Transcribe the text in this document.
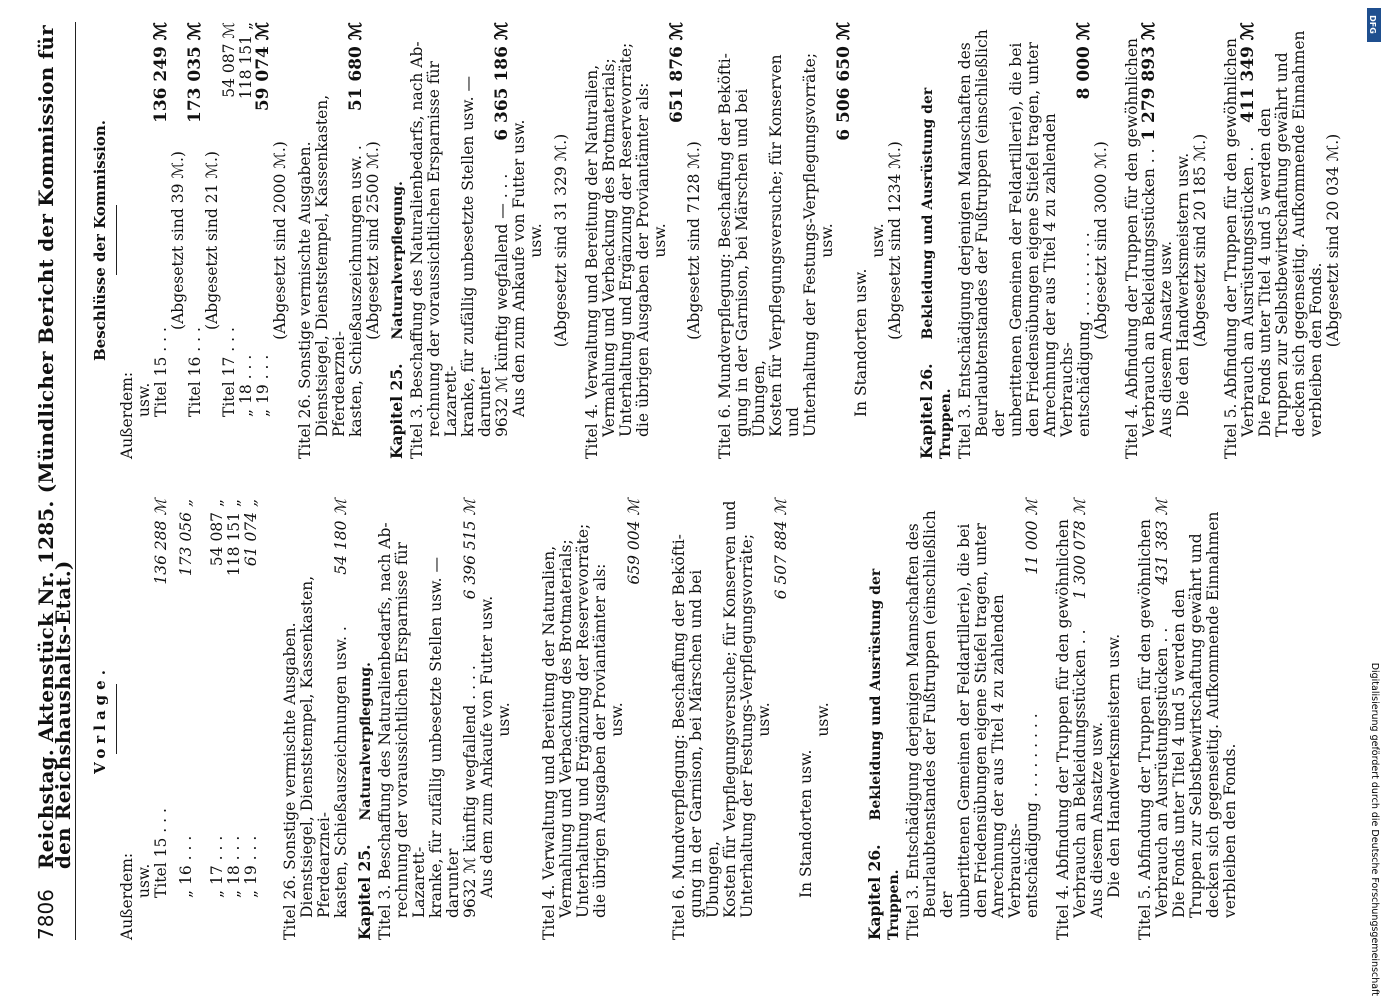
7806
Reichstag. Aktenstück Nr. 1285. (Mündlicher Bericht der Kommission für den Reichshaushalts-Etat.)	Vorlage.
Außerdem: usw. Titel 15 . . .
136 288 ℳ
„ 16 . . .
173 056 „
„ 17 . . .
54 087 „
„ 18 . . .
118 151 „
„ 19 . . .
61 074 „
Titel 26. Sonstige vermischte Ausgaben. Dienstsiegel, Dienststempel, Kassenkasten, Pferdearznei- kasten, Schießauszeichnungen usw. .
54 180 ℳ
Kapitel 25.Naturalverpflegung. Titel 3. Beschaffung des Naturalienbedarfs, nach Ab- rechnung der voraussichtlichen Ersparnisse für Lazarett- kranke, für zufällig unbesetzte Stellen usw. — darunter 9632 ℳ künftig wegfallend . . . .
6 396 515 ℳ
Aus dem zum Ankaufe von Futter usw. usw. Titel 4. Verwaltung und Bereitung der Naturalien, Vermahlung und Verbackung des Brotmaterials; Unterhaltung und Ergänzung der Reservevorräte; die übrigen Ausgaben der Proviantämter als: usw.
659 004 ℳ Titel 6. Mundverpflegung: Beschaffung der Beköfti- gung in der Garnison, bei Märschen und bei Übungen, Kosten für Verpflegungsversuche; für Konserven und Unterhaltung der Festungs-Verpflegungsvorräte; usw.
6 507 884 ℳ
In Standorten usw.
usw.
Kapitel 26.Bekleidung und Ausrüstung der Truppen. Titel 3. Entschädigung derjenigen Mannschaften des Beurlaubtenstandes der Fußtruppen (einschließlich der unberittenen Gemeinen der Feldartillerie), die bei den Friedensübungen eigene Stiefel tragen, unter Anrechnung der aus Titel 4 zu zahlenden Verbrauchs- entschädigung . . . . . . . . .
11 000 ℳ Titel 4. Abfindung der Truppen für den gewöhnlichen Verbrauch an Bekleidungsstücken . .
1 300 078 ℳ
Aus diesem Ansatze usw. Die den Handwerksmeistern usw. Titel 5. Abfindung der Truppen für den gewöhnlichen Verbrauch an Ausrüstungsstücken . .
431 383 ℳ
Die Fonds unter Titel 4 und 5 werden den Truppen zur Selbstbewirtschaftung gewährt und decken sich gegenseitig. Aufkommende Einnahmen verbleiben den Fonds.
Beschlüsse der Kommission.
Außerdem: usw. Titel 15 . . .
136 249 ℳ
(Abgesetzt sind 39 ℳ.)
Titel 16 . . .
173 035 ℳ
(Abgesetzt sind 21 ℳ.)
Titel 17 . . .
54 087 ℳ
„ 18 . . .
118 151 „
„ 19 . . .
59 074 ℳ
(Abgesetzt sind 2000 ℳ.) Titel 26. Sonstige vermischte Ausgaben. Dienstsiegel, Dienststempel, Kassenkasten, Pferdearznei- kasten, Schießauszeichnungen usw. .
51 680 ℳ
(Abgesetzt sind 2500 ℳ.)
Kapitel 25.Naturalverpflegung. Titel 3. Beschaffung des Naturalienbedarfs, nach Ab- rechnung der voraussichtlichen Ersparnisse für Lazarett- kranke, für zufällig unbesetzte Stellen usw. — darunter 9632 ℳ künftig wegfallend — . . .
6 365 186 ℳ
Aus den zum Ankaufe von Futter usw. usw. (Abgesetzt sind 31 329 ℳ.) Titel 4. Verwaltung und Bereitung der Naturalien, Vermahlung und Verbackung des Brotmaterials; Unterhaltung und Ergänzung der Reservevorräte; die übrigen Ausgaben der Proviantämter als: usw.
651 876 ℳ
(Abgesetzt sind 7128 ℳ.) Titel 6. Mundverpflegung: Beschaffung der Beköfti- gung in der Garnison, bei Märschen und bei Übungen, Kosten für Verpflegungsversuche; für Konserven und Unterhaltung der Festungs-Verpflegungsvorräte; usw.
6 506 650 ℳ
In Standorten usw.
usw. (Abgesetzt sind 1234 ℳ.)
Kapitel 26.Bekleidung und Ausrüstung der Truppen. Titel 3. Entschädigung derjenigen Mannschaften des Beurlaubtenstandes der Fußtruppen (einschließlich der unberittenen Gemeinen der Feldartillerie), die bei den Friedensübungen eigene Stiefel tragen, unter Anrechnung der aus Titel 4 zu zahlenden Verbrauchs- entschädigung . . . . . . . . .
8 000 ℳ
(Abgesetzt sind 3000 ℳ.) Titel 4. Abfindung der Truppen für den gewöhnlichen Verbrauch an Bekleidungsstücken . .
1 279 893 ℳ
Aus diesem Ansatze usw. Die den Handwerksmeistern usw. (Abgesetzt sind 20 185 ℳ.) Titel 5. Abfindung der Truppen für den gewöhnlichen Verbrauch an Ausrüstungsstücken . .
411 349 ℳ
Die Fonds unter Titel 4 und 5 werden den Truppen zur Selbstbewirtschaftung gewährt und decken sich gegenseitig. Aufkommende Einnahmen verbleiben den Fonds.
(Abgesetzt sind 20 034 ℳ.)
Digitalisierung gefördert durch die Deutsche Forschungsgemeinschaft
DFG
